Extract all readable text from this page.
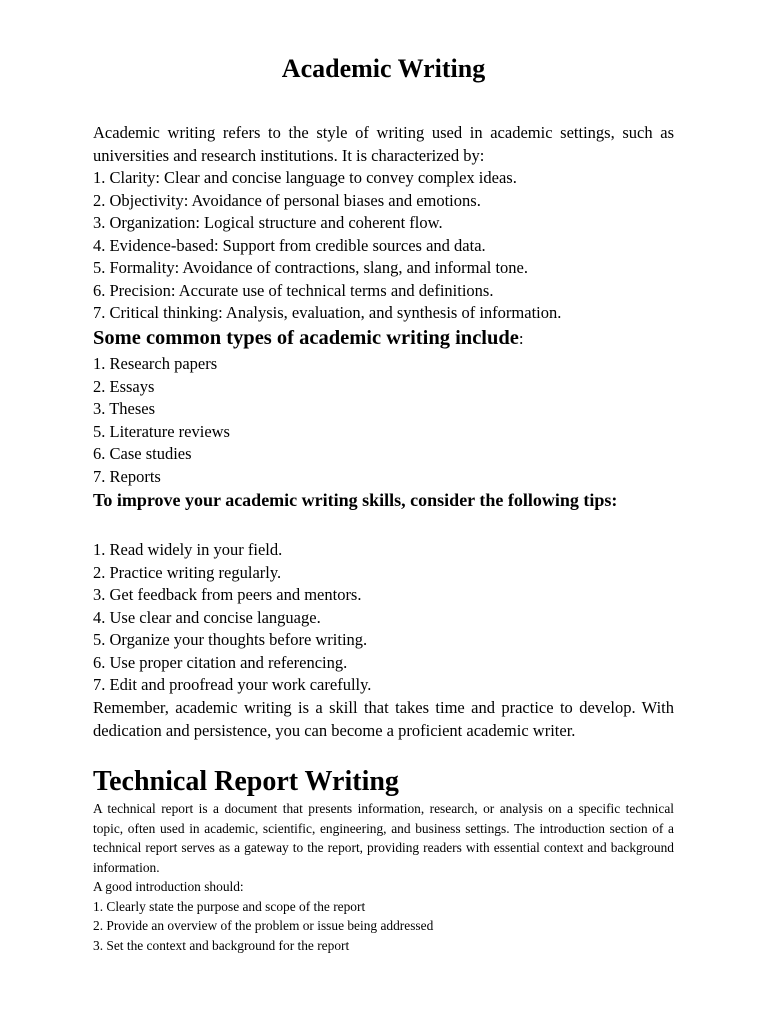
Academic Writing

Academic writing refers to the style of writing used in academic settings, such as universities and research institutions. It is characterized by:

1. Clarity: Clear and concise language to convey complex ideas.
2. Objectivity: Avoidance of personal biases and emotions.
3. Organization: Logical structure and coherent flow.
4. Evidence-based: Support from credible sources and data.
5. Formality: Avoidance of contractions, slang, and informal tone.
6. Precision: Accurate use of technical terms and definitions.
7. Critical thinking: Analysis, evaluation, and synthesis of information.
Some common types of academic writing include:
1. Research papers
2. Essays
3. Theses
5. Literature reviews
6. Case studies
7. Reports
To improve your academic writing skills, consider the following tips:
1. Read widely in your field.
2. Practice writing regularly.
3. Get feedback from peers and mentors.
4. Use clear and concise language.
5. Organize your thoughts before writing.
6. Use proper citation and referencing.
7. Edit and proofread your work carefully.

Remember, academic writing is a skill that takes time and practice to develop. With dedication and persistence, you can become a proficient academic writer.

Technical Report Writing

A technical report is a document that presents information, research, or analysis on a specific technical topic, often used in academic, scientific, engineering, and business settings. The introduction section of a technical report serves as a gateway to the report, providing readers with essential context and background information.

A good introduction should:
1. Clearly state the purpose and scope of the report
2. Provide an overview of the problem or issue being addressed
3. Set the context and background for the report
